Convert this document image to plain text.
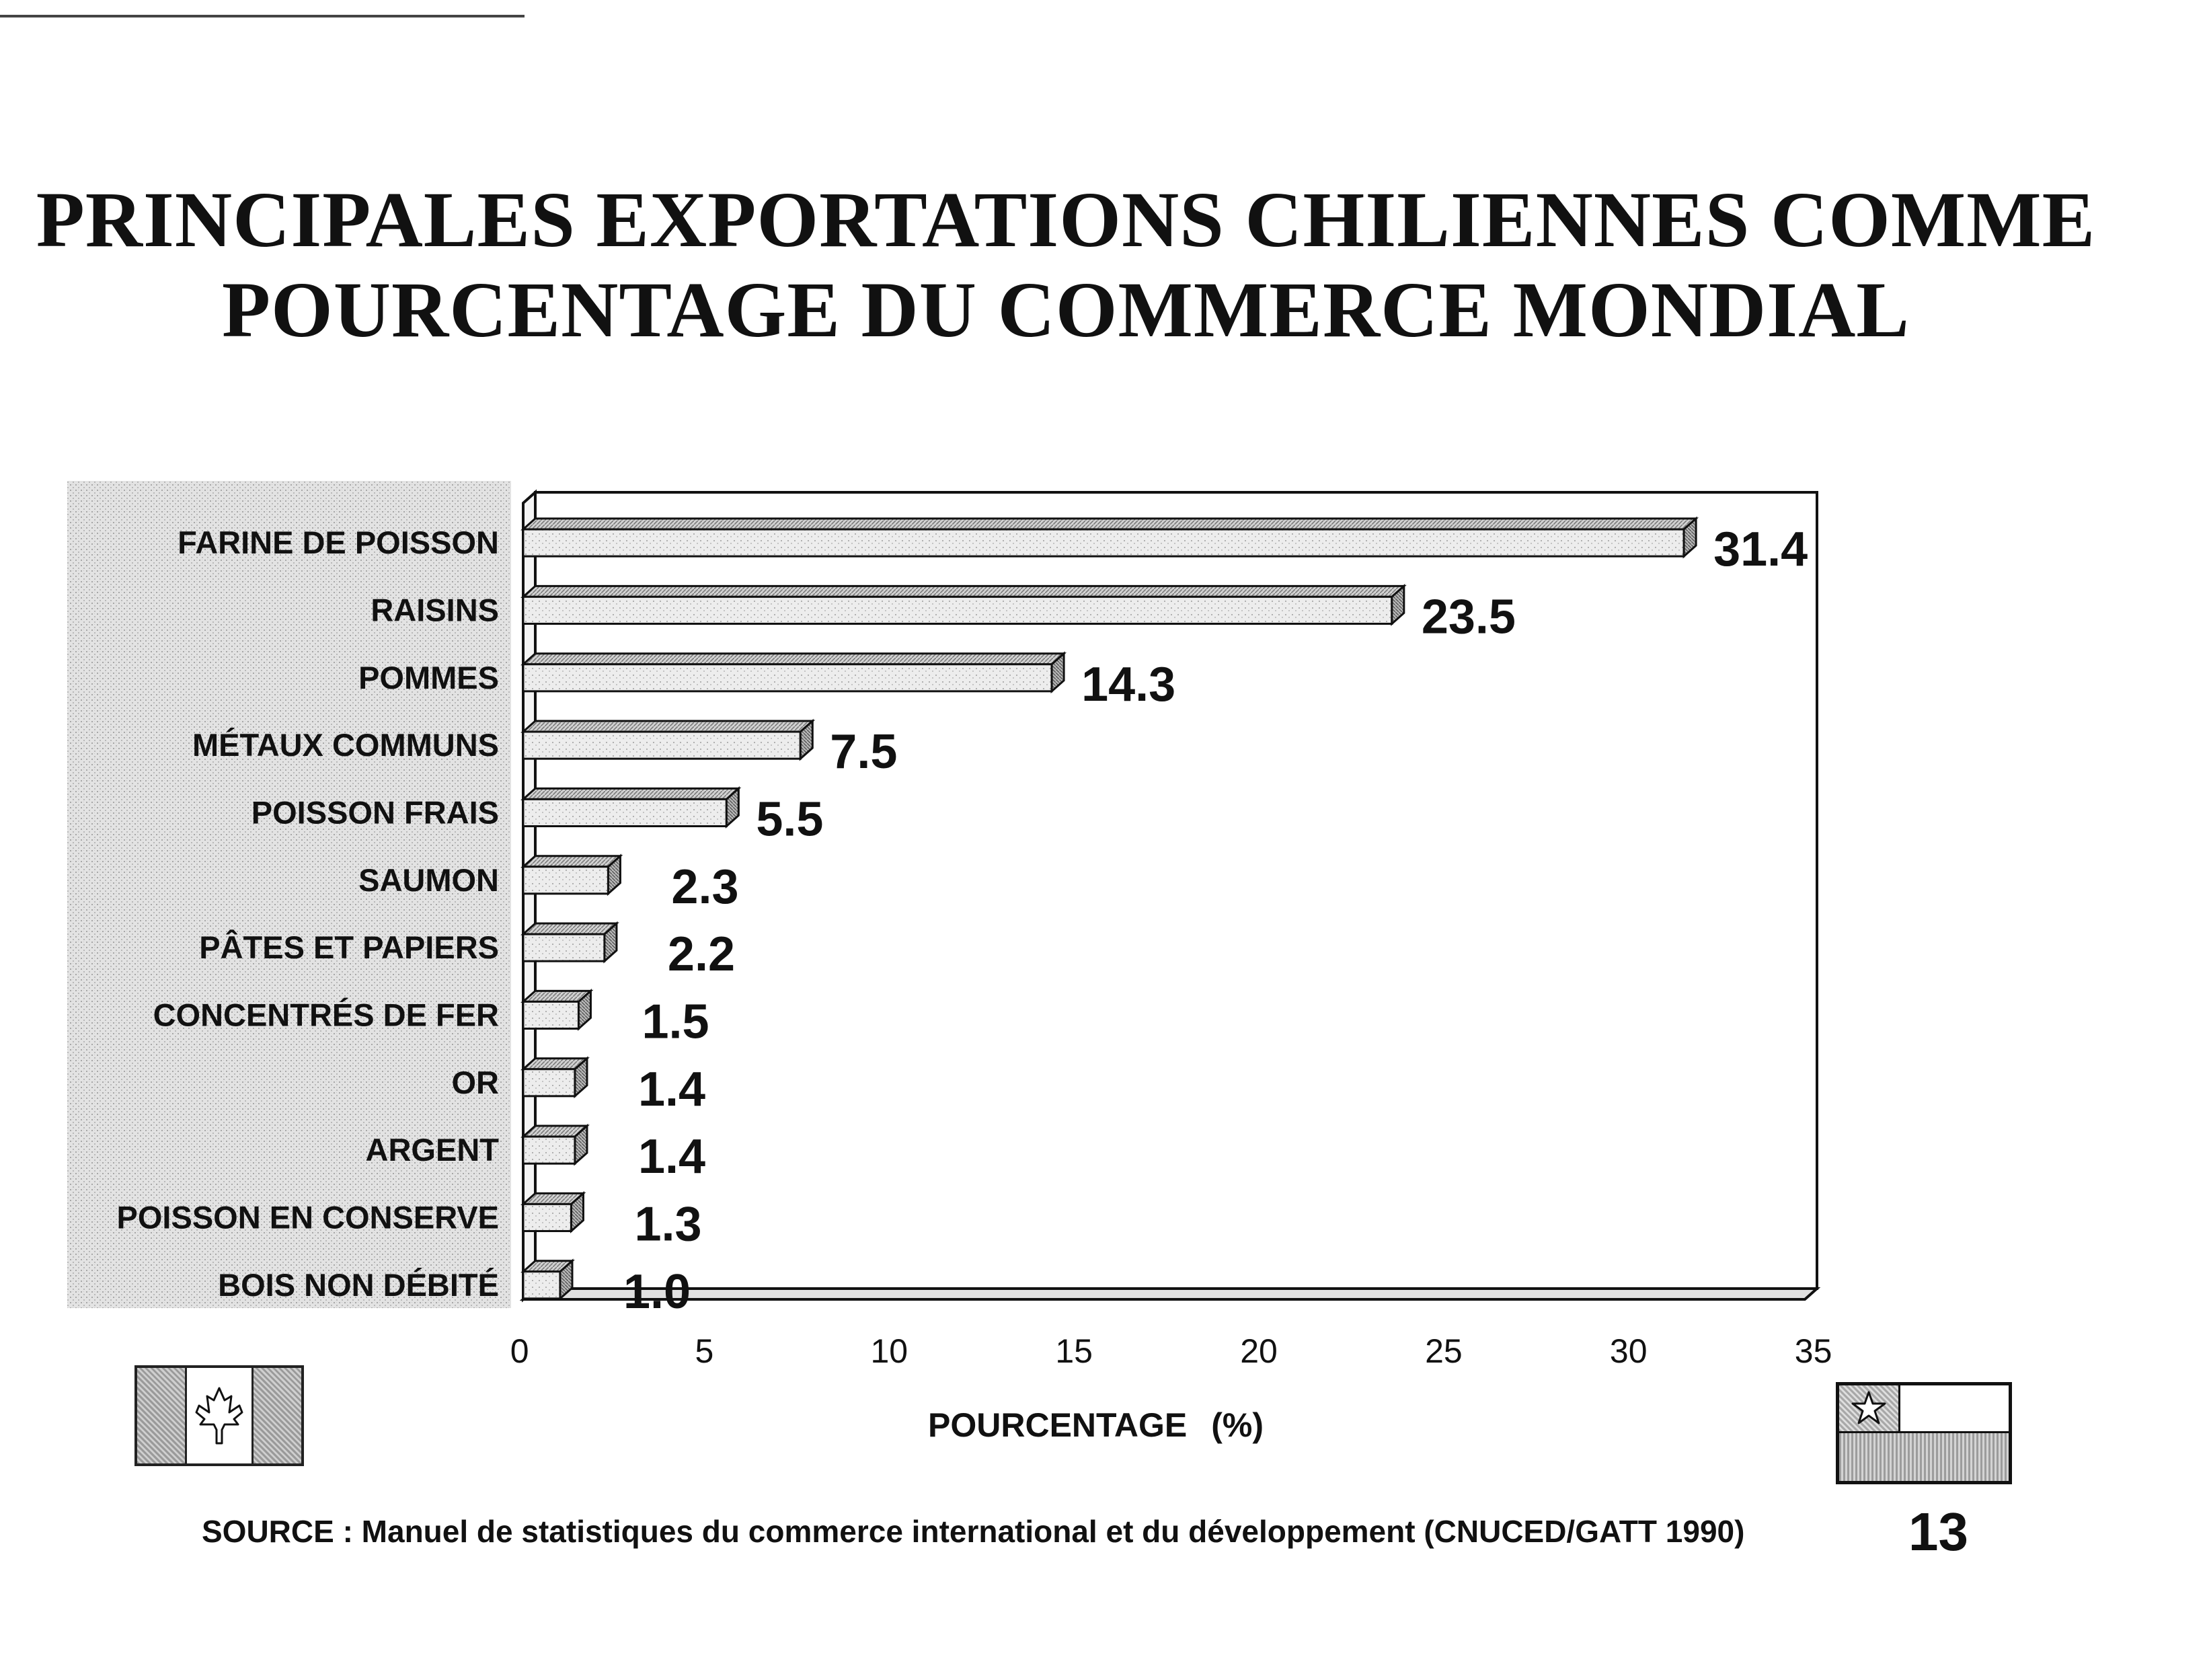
PRINCIPALES EXPORTATIONS CHILIENNES COMME
POURCENTAGE DU COMMERCE MONDIAL
FARINE DE POISSON
RAISINS
POMMES
MÉTAUX COMMUNS
POISSON FRAIS
SAUMON
PÂTES ET PAPIERS
CONCENTRÉS DE FER
OR
ARGENT
POISSON EN CONSERVE
BOIS NON DÉBITÉ
31.4
23.5
14.3
7.5
5.5
2.3
2.2
1.5
1.4
1.4
1.3
1.0
0	5	10	15	20	25	30	35
POURCENTAGE (%)
SOURCE : Manuel de statistiques du commerce international et du développement (CNUCED/GATT 1990)	13
